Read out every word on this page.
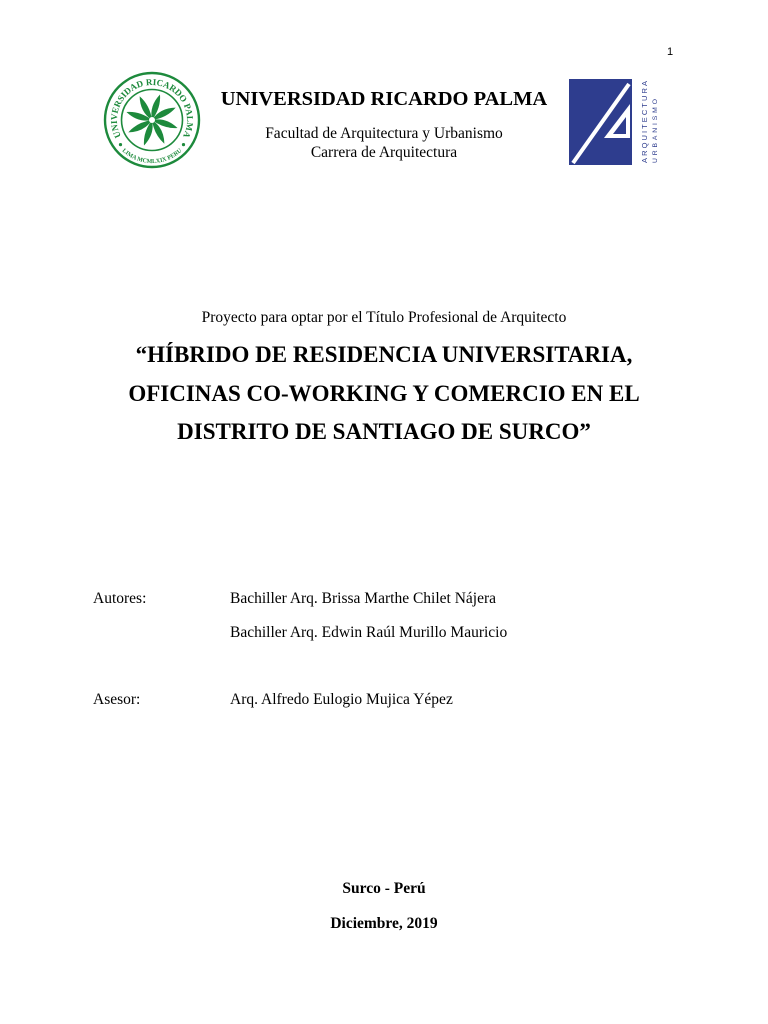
1
UNIVERSIDAD RICARDO PALMA
LIMA MCMLXIX PERU
UNIVERSIDAD RICARDO PALMA
Facultad de Arquitectura y Urbanismo
Carrera de Arquitectura	ARQUITECTURA
URBANISMO
Proyecto para optar por el Título Profesional de Arquitecto
“HÍBRIDO DE RESIDENCIA UNIVERSITARIA,
OFICINAS CO-WORKING Y COMERCIO EN EL
DISTRITO DE SANTIAGO DE SURCO”
Autores:	Bachiller Arq. Brissa Marthe Chilet Nájera
Bachiller Arq. Edwin Raúl Murillo Mauricio
Asesor:	Arq. Alfredo Eulogio Mujica Yépez
Surco - Perú
Diciembre, 2019
